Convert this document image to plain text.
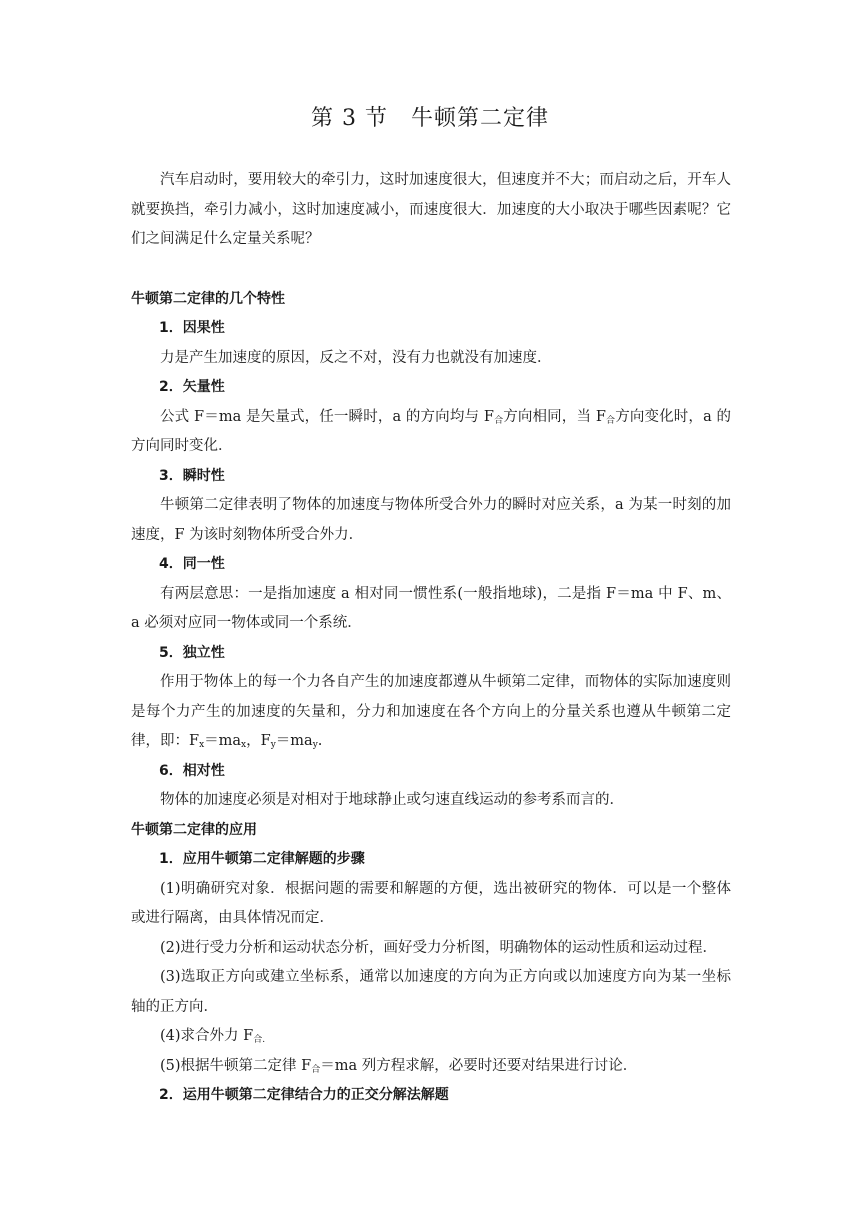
第 3 节　牛顿第二定律

汽车启动时，要用较大的牵引力，这时加速度很大，但速度并不大；而启动之后，开车人就要换挡，牵引力减小，这时加速度减小，而速度很大．加速度的大小取决于哪些因素呢？它们之间满足什么定量关系呢？

牛顿第二定律的几个特性

1．因果性

力是产生加速度的原因，反之不对，没有力也就没有加速度．

2．矢量性

公式 F＝ma 是矢量式，任一瞬时，a 的方向均与 $F_合$方向相同，当 $F_合$方向变化时，a 的方向同时变化．

3．瞬时性

牛顿第二定律表明了物体的加速度与物体所受合外力的瞬时对应关系，a 为某一时刻的加速度，F 为该时刻物体所受合外力．

4．同一性

有两层意思：一是指加速度 a 相对同一惯性系(一般指地球)，二是指 F＝ma 中 F、m、a 必须对应同一物体或同一个系统．

5．独立性

作用于物体上的每一个力各自产生的加速度都遵从牛顿第二定律，而物体的实际加速度则是每个力产生的加速度的矢量和，分力和加速度在各个方向上的分量关系也遵从牛顿第二定律，即：$F_x=ma_x$，$F_y=ma_y$.

6．相对性

物体的加速度必须是对相对于地球静止或匀速直线运动的参考系而言的．

牛顿第二定律的应用

1．应用牛顿第二定律解题的步骤

(1)明确研究对象．根据问题的需要和解题的方便，选出被研究的物体．可以是一个整体或进行隔离，由具体情况而定．

(2)进行受力分析和运动状态分析，画好受力分析图，明确物体的运动性质和运动过程．

(3)选取正方向或建立坐标系，通常以加速度的方向为正方向或以加速度方向为某一坐标轴的正方向．

(4)求合外力 $F_{合.}$

(5)根据牛顿第二定律 $F_合=ma$ 列方程求解，必要时还要对结果进行讨论．

2．运用牛顿第二定律结合力的正交分解法解题
